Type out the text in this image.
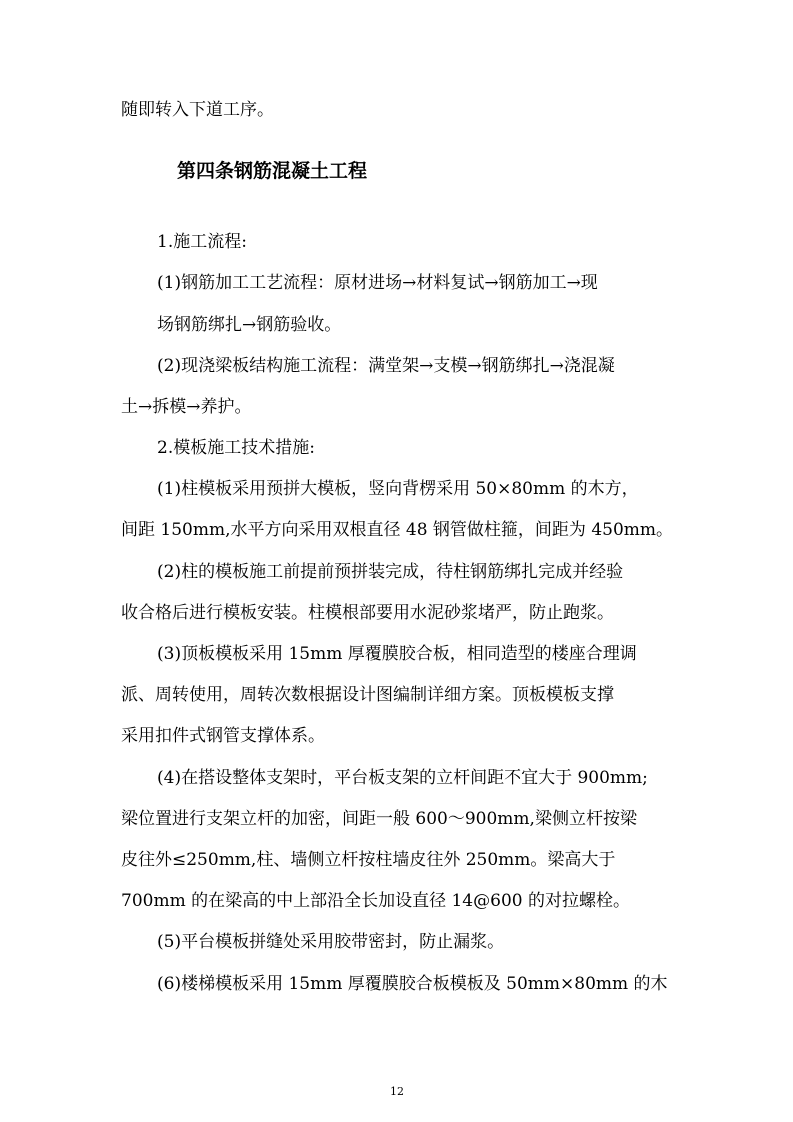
随即转入下道工序。

第四条钢筋混凝土工程

1.施工流程:

(1)钢筋加工工艺流程：原材进场→材料复试→钢筋加工→现

场钢筋绑扎→钢筋验收。

(2)现浇梁板结构施工流程：满堂架→支模→钢筋绑扎→浇混凝

土→拆模→养护。

2.模板施工技术措施:

(1)柱模板采用预拼大模板，竖向背楞采用 50×80mm 的木方，

间距 150mm,水平方向采用双根直径 48 钢管做柱箍，间距为 450mm。

(2)柱的模板施工前提前预拼装完成，待柱钢筋绑扎完成并经验

收合格后进行模板安装。柱模根部要用水泥砂浆堵严，防止跑浆。

(3)顶板模板采用 15mm 厚覆膜胶合板，相同造型的楼座合理调

派、周转使用，周转次数根据设计图编制详细方案。顶板模板支撑

采用扣件式钢管支撑体系。

(4)在搭设整体支架时，平台板支架的立杆间距不宜大于 900mm;

梁位置进行支架立杆的加密，间距一般 600～900mm,梁侧立杆按梁

皮往外≤250mm,柱、墙侧立杆按柱墙皮往外 250mm。梁高大于

700mm 的在梁高的中上部沿全长加设直径 14@600 的对拉螺栓。

(5)平台模板拼缝处采用胶带密封，防止漏浆。

(6)楼梯模板采用 15mm 厚覆膜胶合板模板及 50mm×80mm 的木

12
